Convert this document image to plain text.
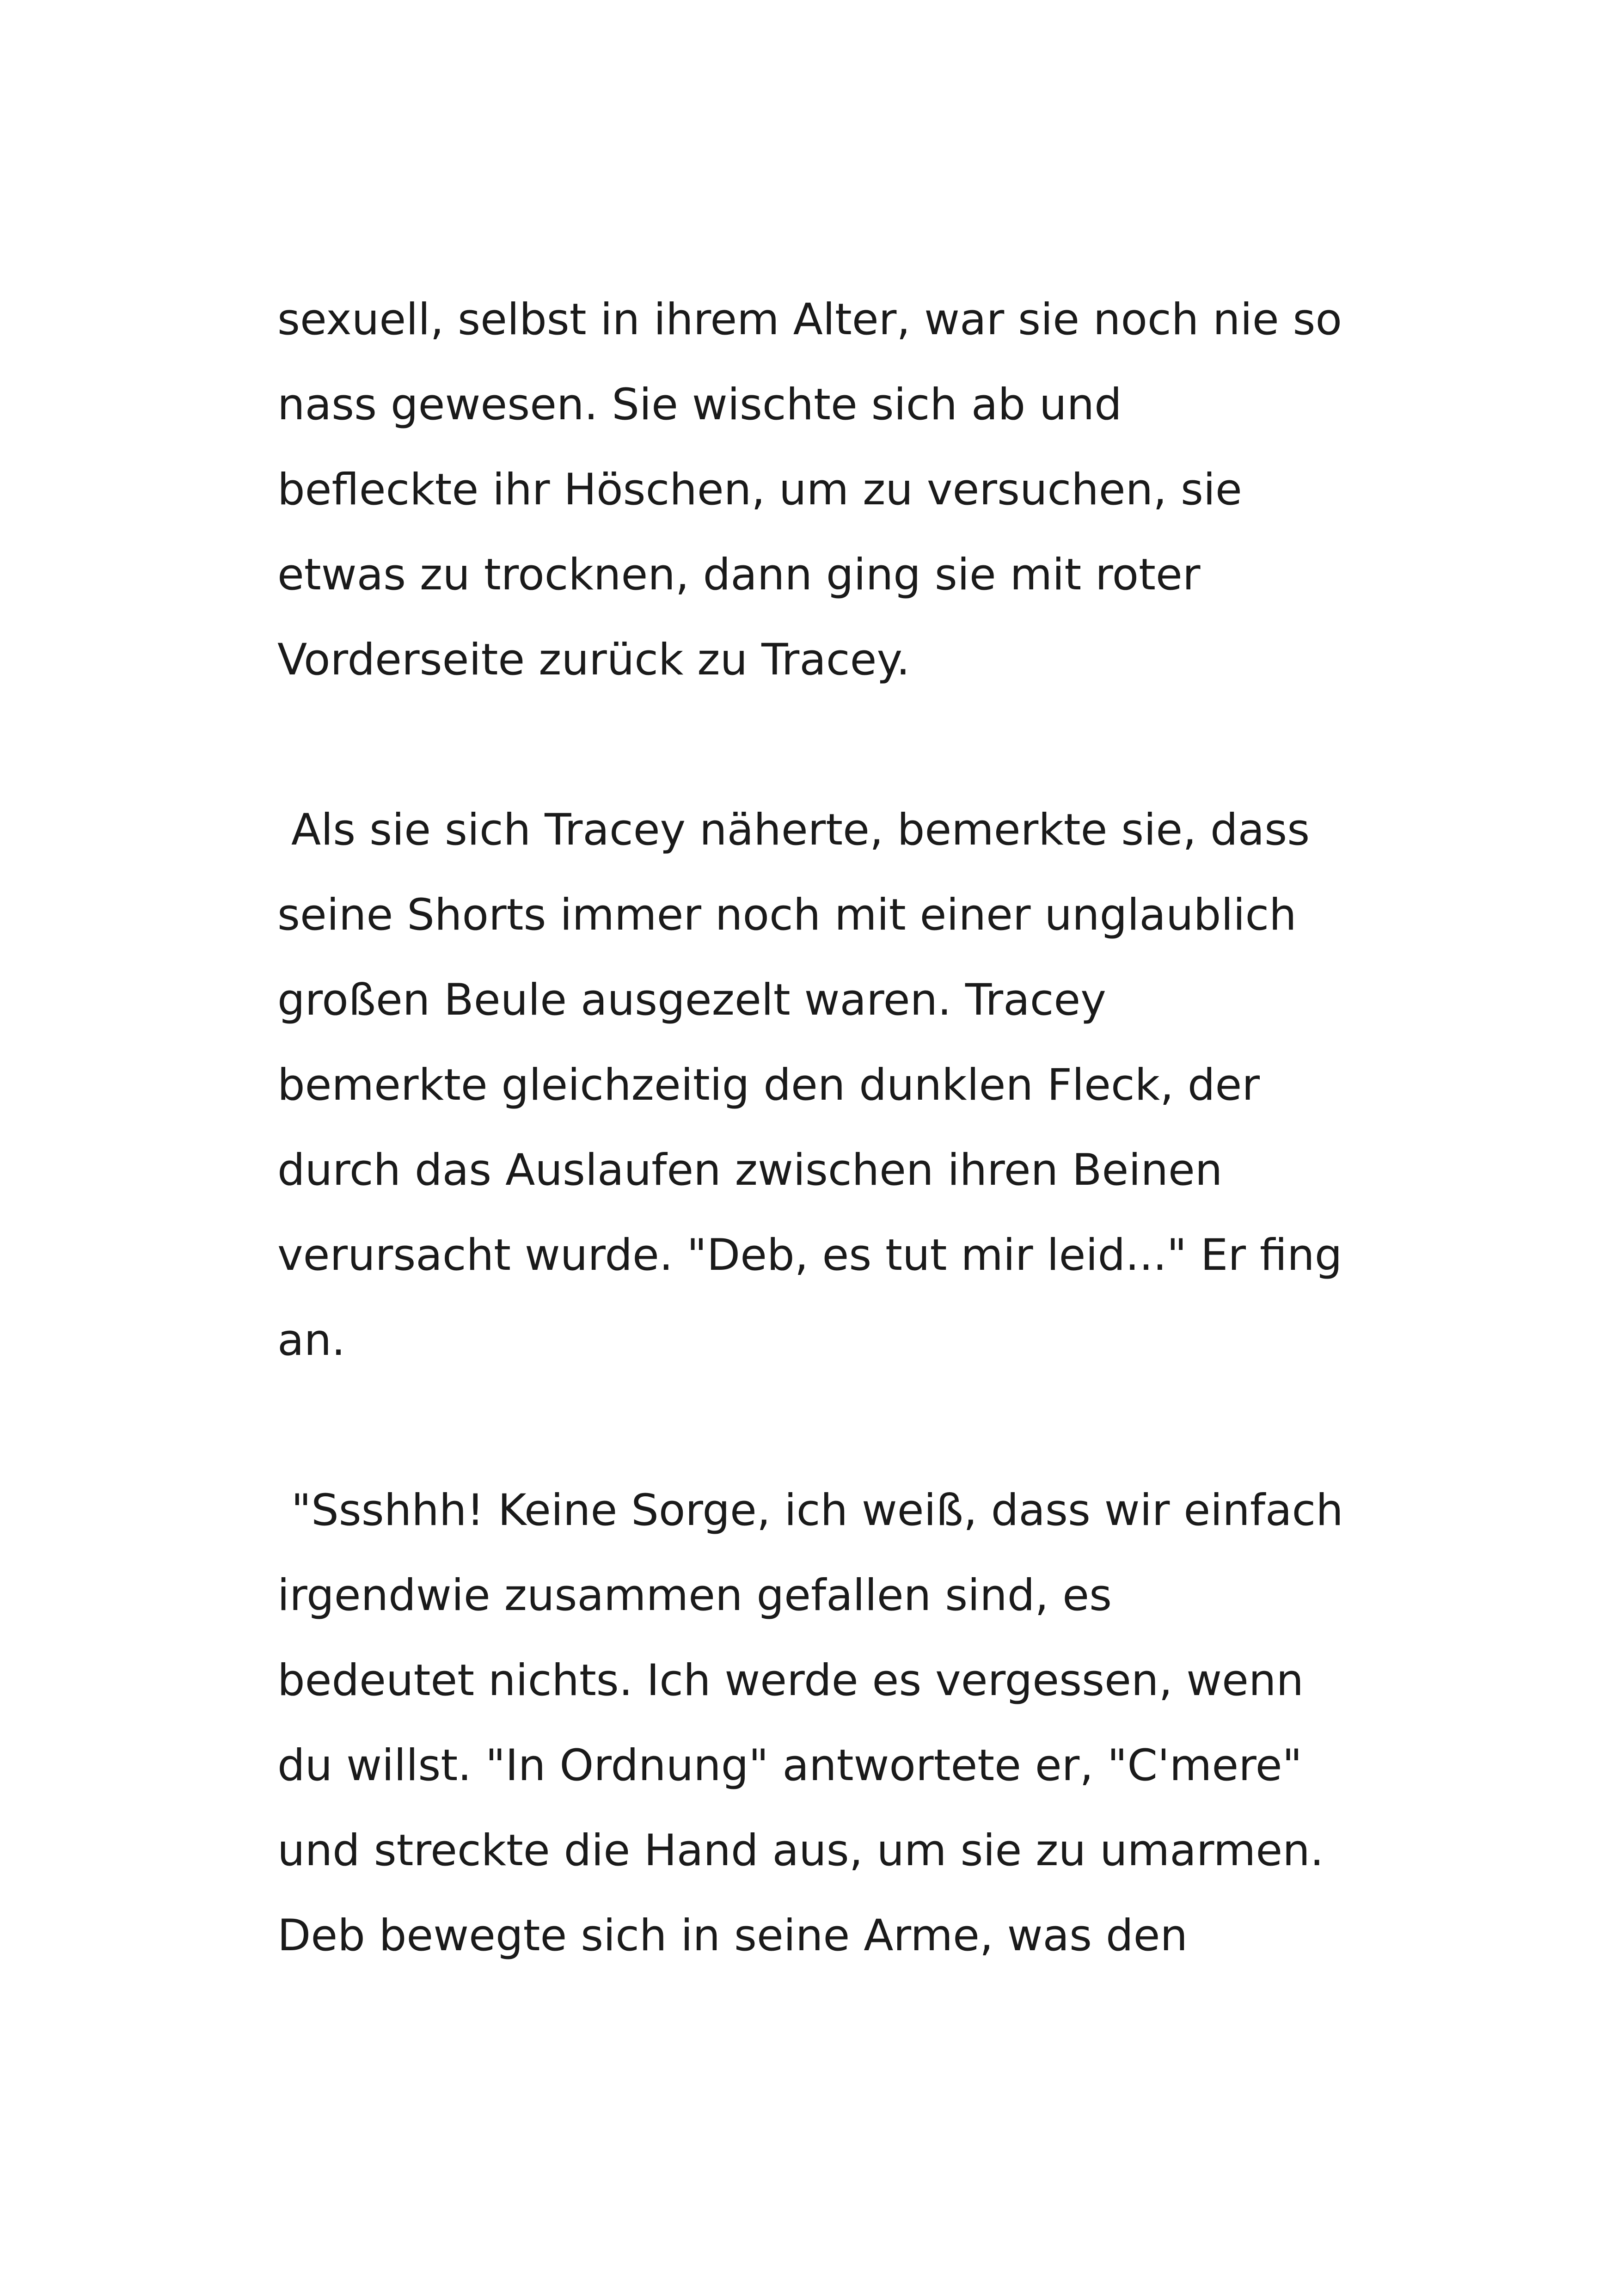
sexuell, selbst in ihrem Alter, war sie noch nie so
nass gewesen. Sie wischte sich ab und
befleckte ihr Höschen, um zu versuchen, sie
etwas zu trocknen, dann ging sie mit roter
Vorderseite zurück zu Tracey.
Als sie sich Tracey näherte, bemerkte sie, dass
seine Shorts immer noch mit einer unglaublich
großen Beule ausgezelt waren. Tracey
bemerkte gleichzeitig den dunklen Fleck, der
durch das Auslaufen zwischen ihren Beinen
verursacht wurde. "Deb, es tut mir leid..." Er fing
an.
"Ssshhh! Keine Sorge, ich weiß, dass wir einfach
irgendwie zusammen gefallen sind, es
bedeutet nichts. Ich werde es vergessen, wenn
du willst. "In Ordnung" antwortete er, "C'mere"
und streckte die Hand aus, um sie zu umarmen.
Deb bewegte sich in seine Arme, was den
